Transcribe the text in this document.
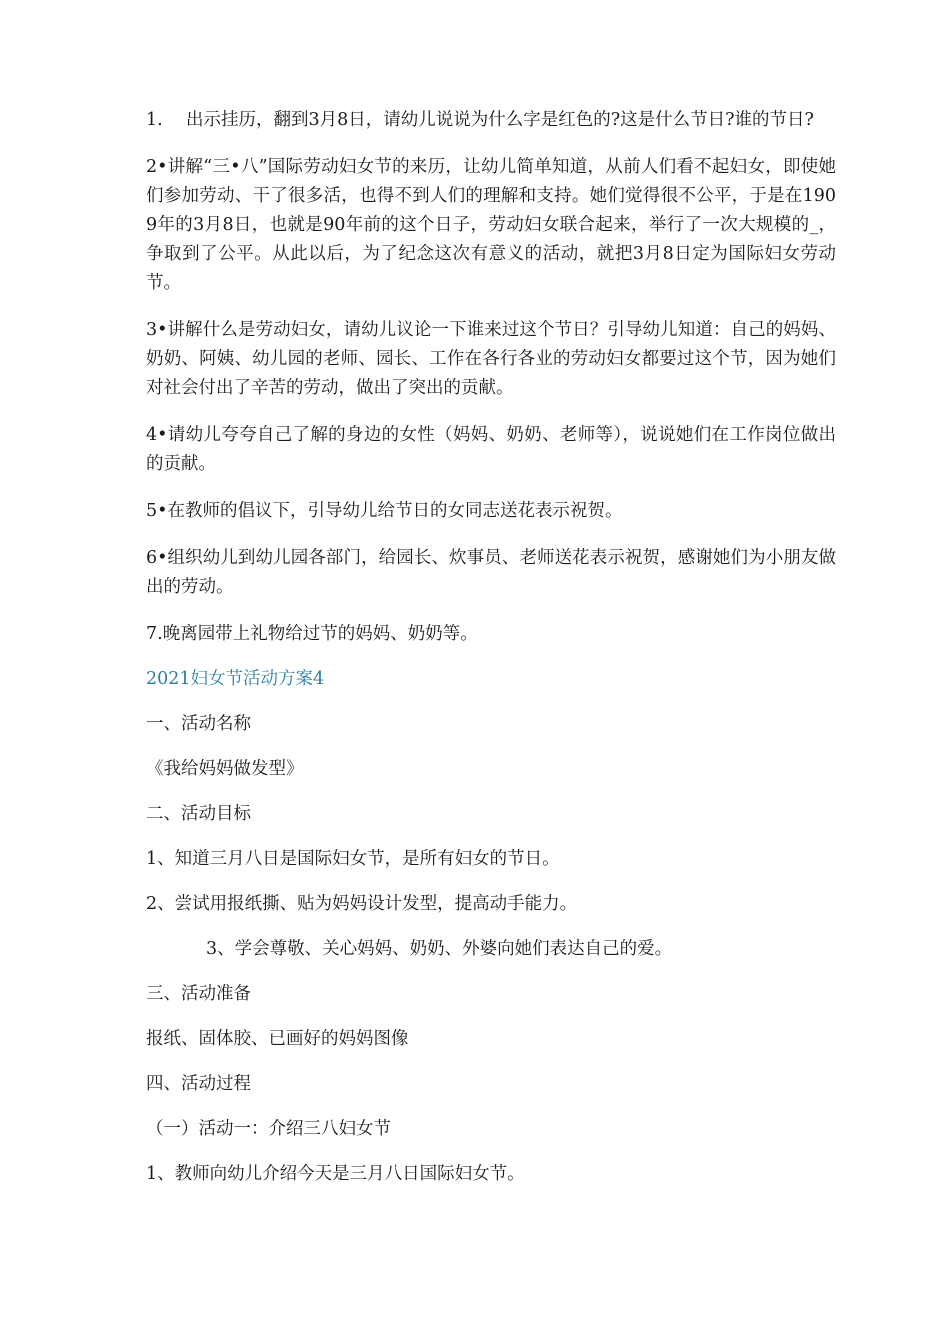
1. 出示挂历，翻到3月8日，请幼儿说说为什么字是红色的?这是什么节日?谁的节日?

2•讲解“三•八”国际劳动妇女节的来历，让幼儿简单知道，从前人们看不起妇女，即使她们参加劳动、干了很多活，也得不到人们的理解和支持。她们觉得很不公平，于是在1909年的3月8日，也就是90年前的这个日子，劳动妇女联合起来，举行了一次大规模的_，争取到了公平。从此以后，为了纪念这次有意义的活动，就把3月8日定为国际妇女劳动节。

3•讲解什么是劳动妇女，请幼儿议论一下谁来过这个节日？引导幼儿知道：自己的妈妈、奶奶、阿姨、幼儿园的老师、园长、工作在各行各业的劳动妇女都要过这个节，因为她们对社会付出了辛苦的劳动，做出了突出的贡献。

4•请幼儿夸夸自己了解的身边的女性（妈妈、奶奶、老师等），说说她们在工作岗位做出的贡献。

5•在教师的倡议下，引导幼儿给节日的女同志送花表示祝贺。

6•组织幼儿到幼儿园各部门，给园长、炊事员、老师送花表示祝贺，感谢她们为小朋友做出的劳动。

7.晚离园带上礼物给过节的妈妈、奶奶等。

2021妇女节活动方案4

一、活动名称

《我给妈妈做发型》

二、活动目标

1、知道三月八日是国际妇女节，是所有妇女的节日。

2、尝试用报纸撕、贴为妈妈设计发型，提高动手能力。

3、学会尊敬、关心妈妈、奶奶、外婆向她们表达自己的爱。

三、活动准备

报纸、固体胶、已画好的妈妈图像

四、活动过程

（一）活动一：介绍三八妇女节

1、教师向幼儿介绍今天是三月八日国际妇女节。
